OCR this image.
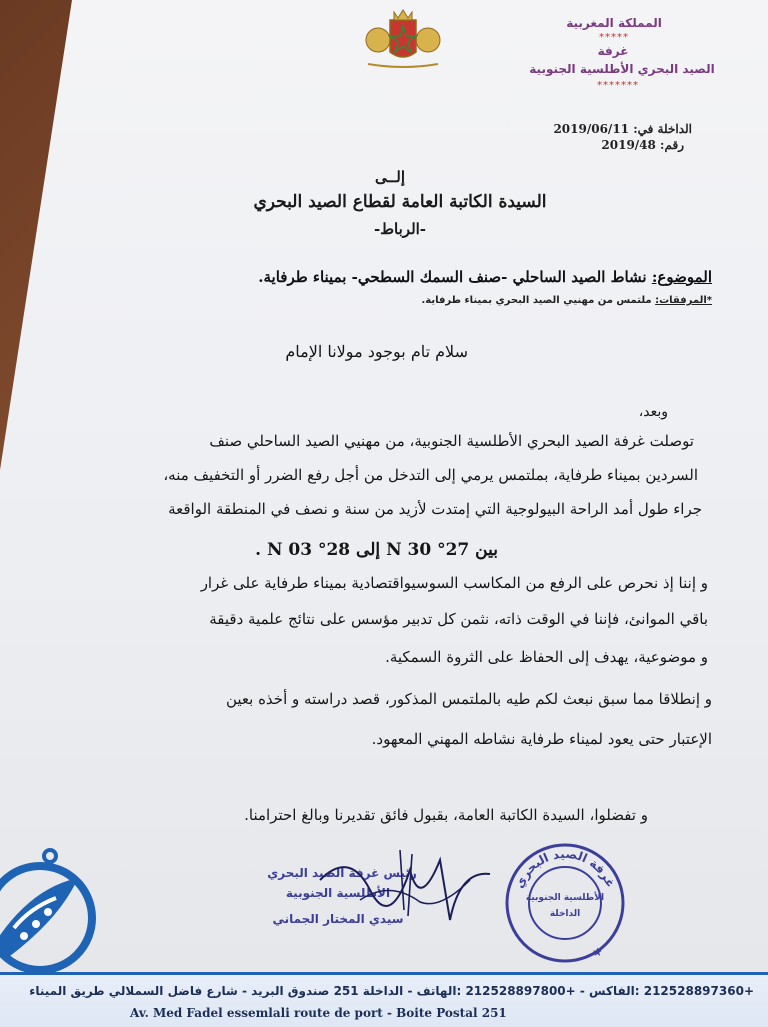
المملكة المغربية
*****
غرفة
الصيد البحري الأطلسية الجنوبية
*******
الداخلة في: 2019/06/11
رقم: 2019/48
إلــى
السيدة الكاتبة العامة لقطاع الصيد البحري
-الرباط-
الموضوع: نشاط الصيد الساحلي -صنف السمك السطحي- بميناء طرفاية.
*المرفقات: ملتمس من مهنيي الصيد البحري بميناء طرفاية.
سلام تام بوجود مولانا الإمام
وبعد،
توصلت غرفة الصيد البحري الأطلسية الجنوبية، من مهنيي الصيد الساحلي صنف
السردين بميناء طرفاية، بملتمس يرمي إلى التدخل من أجل رفع الضرر أو التخفيف منه،
جراء طول أمد الراحة البيولوجية التي إمتدت لأزيد من سنة و نصف في المنطقة الواقعة
بين N 30 °27 إلى N 03 °28 .
و إننا إذ نحرص على الرفع من المكاسب السوسيواقتصادية بميناء طرفاية على غرار
باقي الموانئ، فإننا في الوقت ذاته، نثمن كل تدبير مؤسس على نتائج علمية دقيقة
و موضوعية، يهدف إلى الحفاظ على الثروة السمكية.
و إنطلاقا مما سبق نبعث لكم طيه بالملتمس المذكور، قصد دراسته و أخذه بعين
الإعتبار حتى يعود لميناء طرفاية نشاطه المهني المعهود.
و تفضلوا، السيدة الكاتبة العامة، بقبول فائق تقديرنا وبالغ احترامنا.
رئيس غرفة الصيد البحري
الأطلسية الجنوبية
سيدي المختار الجماني
غرفة الصيد البحري
الأطلسية الجنوبية
الداخلة
★
+212528897360 :الفاكس - +212528897800 :الهاتف - الداخلة 251 صندوق البريد - شارع فاضل السملالي طريق الميناء
Av. Med Fadel essemlali route de port - Boite Postal 251
